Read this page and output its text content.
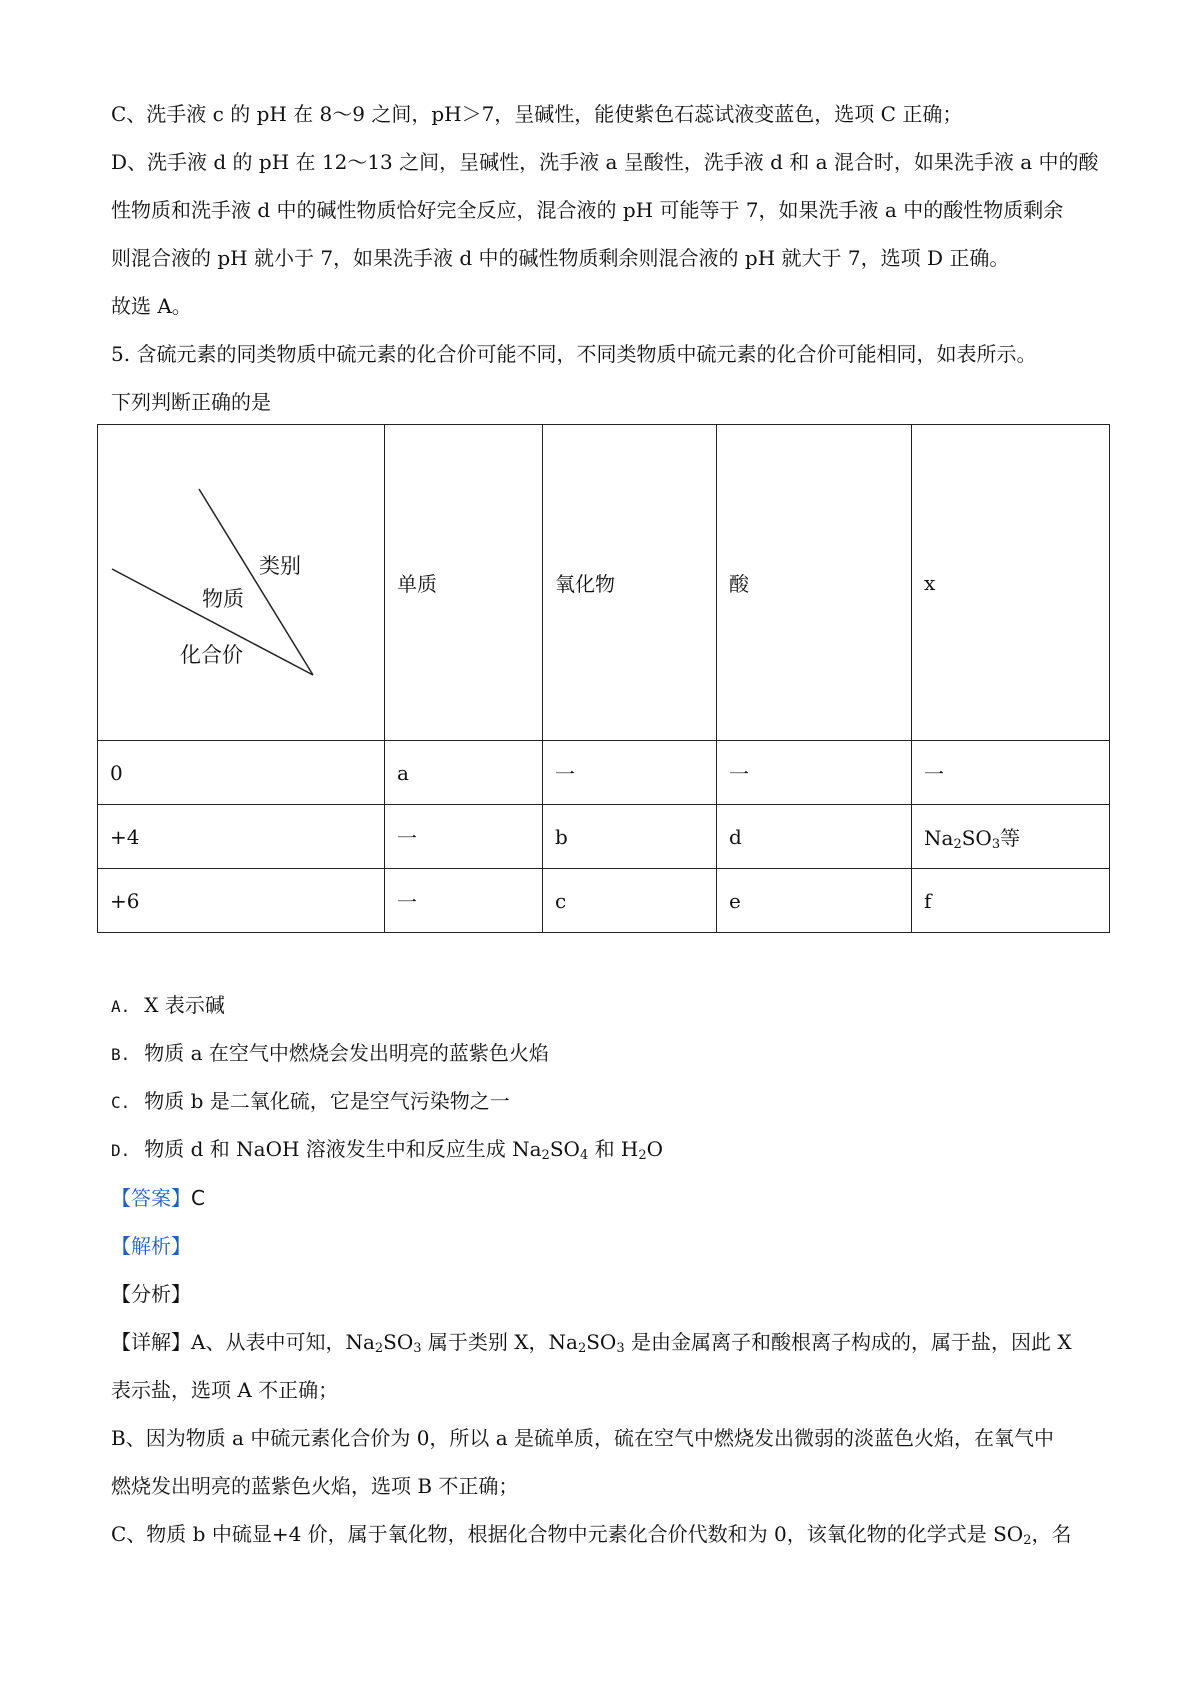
C、洗手液 c 的 pH 在 8～9 之间，pH＞7，呈碱性，能使紫色石蕊试液变蓝色，选项 C 正确；
D、洗手液 d 的 pH 在 12～13 之间，呈碱性，洗手液 a 呈酸性，洗手液 d 和 a 混合时，如果洗手液 a 中的酸
性物质和洗手液 d 中的碱性物质恰好完全反应，混合液的 pH 可能等于 7，如果洗手液 a 中的酸性物质剩余
则混合液的 pH 就小于 7，如果洗手液 d 中的碱性物质剩余则混合液的 pH 就大于 7，选项 D 正确。
故选 A。
5. 含硫元素的同类物质中硫元素的化合价可能不同，不同类物质中硫元素的化合价可能相同，如表所示。
下列判断正确的是
类别
物质
化合价	单质	氧化物	酸	x
0	a	一	一	一
+4	一	b	d	$Na_2SO_3$等
+6	一	c	e	f
A. X 表示碱
B. 物质 a 在空气中燃烧会发出明亮的蓝紫色火焰
C. 物质 b 是二氧化硫，它是空气污染物之一
D. 物质 d 和 NaOH 溶液发生中和反应生成 $Na_2SO_4$ 和 $H_2O$
【答案】C
【解析】
【分析】
【详解】A、从表中可知，$Na_2SO_3$ 属于类别 X，$Na_2SO_3$ 是由金属离子和酸根离子构成的，属于盐，因此 X
表示盐，选项 A 不正确；
B、因为物质 a 中硫元素化合价为 0，所以 a 是硫单质，硫在空气中燃烧发出微弱的淡蓝色火焰，在氧气中
燃烧发出明亮的蓝紫色火焰，选项 B 不正确；
C、物质 b 中硫显+4 价，属于氧化物，根据化合物中元素化合价代数和为 0，该氧化物的化学式是 $SO_2$，名
